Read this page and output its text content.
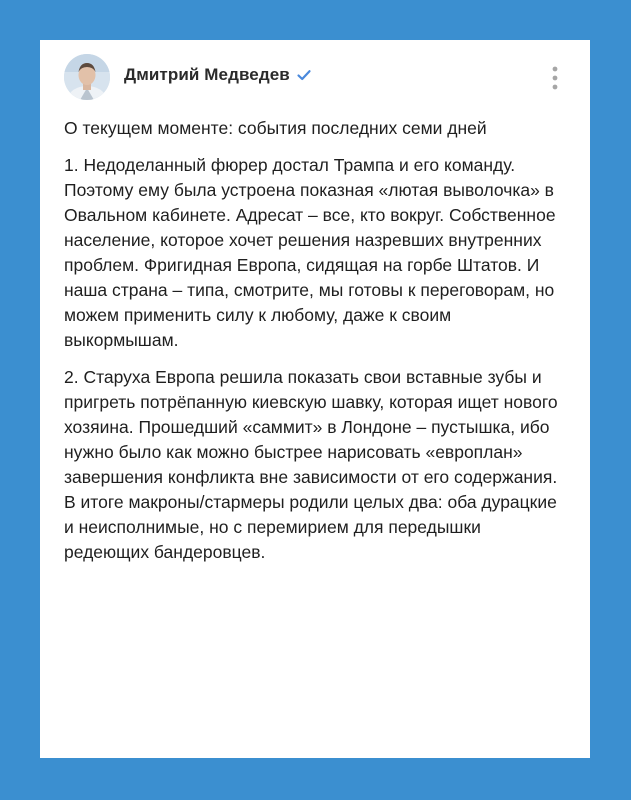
Дмитрий Медведев

О текущем моменте: события последних семи дней

1. Недоделанный фюрер достал Трампа и его команду. Поэтому ему была устроена показная «лютая выволочка» в Овальном кабинете. Адресат – все, кто вокруг. Собственное население, которое хочет решения назревших внутренних проблем. Фригидная Европа, сидящая на горбе Штатов. И наша страна – типа, смотрите, мы готовы к переговорам, но можем применить силу к любому, даже к своим выкормышам.

2. Старуха Европа решила показать свои вставные зубы и пригреть потрёпанную киевскую шавку, которая ищет нового хозяина. Прошедший «саммит» в Лондоне – пустышка, ибо нужно было как можно быстрее нарисовать «европлан» завершения конфликта вне зависимости от его содержания. В итоге макроны/стармеры родили целых два: оба дурацкие и неисполнимые, но с перемирием для передышки редеющих бандеровцев.
